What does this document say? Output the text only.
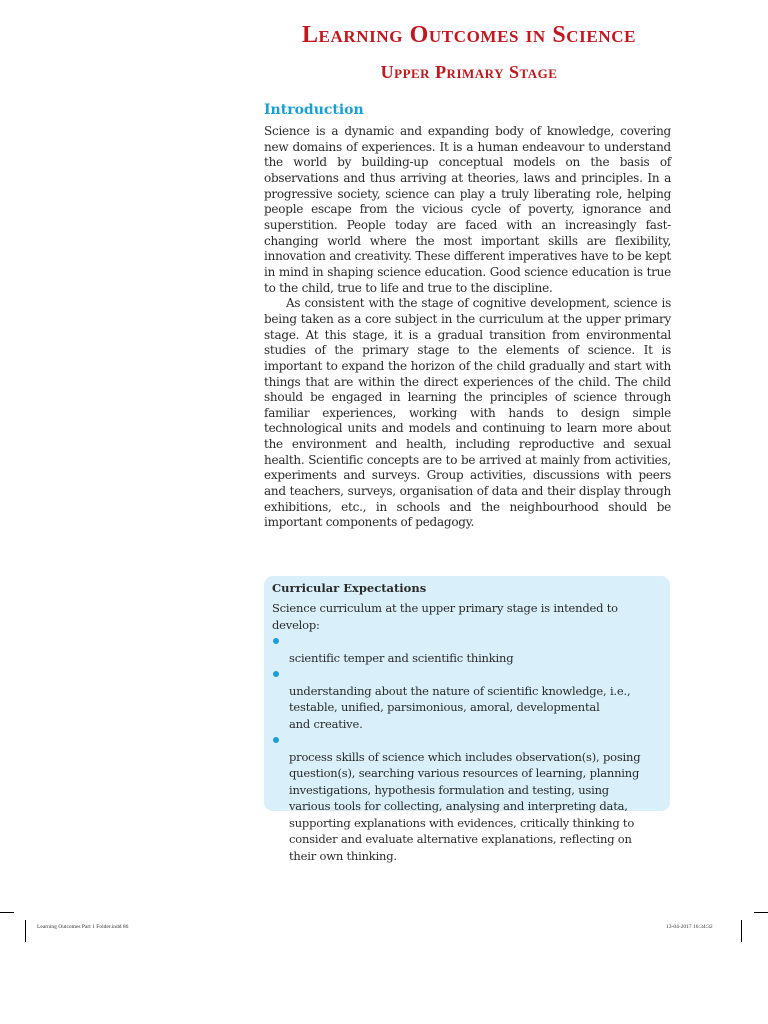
Learning Outcomes in Science
Upper Primary Stage
Introduction

Science is a dynamic and expanding body of knowledge, covering new domains of experiences. It is a human endeavour to understand the world by building-up conceptual models on the basis of observations and thus arriving at theories, laws and principles. In a progressive society, science can play a truly liberating role, helping people escape from the vicious cycle of poverty, ignorance and superstition. People today are faced with an increasingly fast-changing world where the most important skills are flexibility, innovation and creativity. These different imperatives have to be kept in mind in shaping science education. Good science education is true to the child, true to life and true to the discipline.

As consistent with the stage of cognitive development, science is being taken as a core subject in the curriculum at the upper primary stage. At this stage, it is a gradual transition from environmental studies of the primary stage to the elements of science. It is important to expand the horizon of the child gradually and start with things that are within the direct experiences of the child. The child should be engaged in learning the principles of science through familiar experiences, working with hands to design simple technological units and models and continuing to learn more about the environment and health, including reproductive and sexual health. Scientific concepts are to be arrived at mainly from activities, experiments and surveys. Group activities, discussions with peers and teachers, surveys, organisation of data and their display through exhibitions, etc., in schools and the neighbourhood should be important components of pedagogy.

Curricular Expectations

Science curriculum at the upper primary stage is intended to develop:

scientific temper and scientific thinking

understanding about the nature of scientific knowledge, i.e.,
testable, unified, parsimonious, amoral, developmental
and creative.

process skills of science which includes observation(s), posing
question(s), searching various resources of learning, planning
investigations, hypothesis formulation and testing, using
various tools for collecting, analysing and interpreting data,
supporting explanations with evidences, critically thinking to
consider and evaluate alternative explanations, reflecting on
their own thinking.

Learning Outcomes Part 1 Folder.indd 86	13-04-2017 16:34:32
